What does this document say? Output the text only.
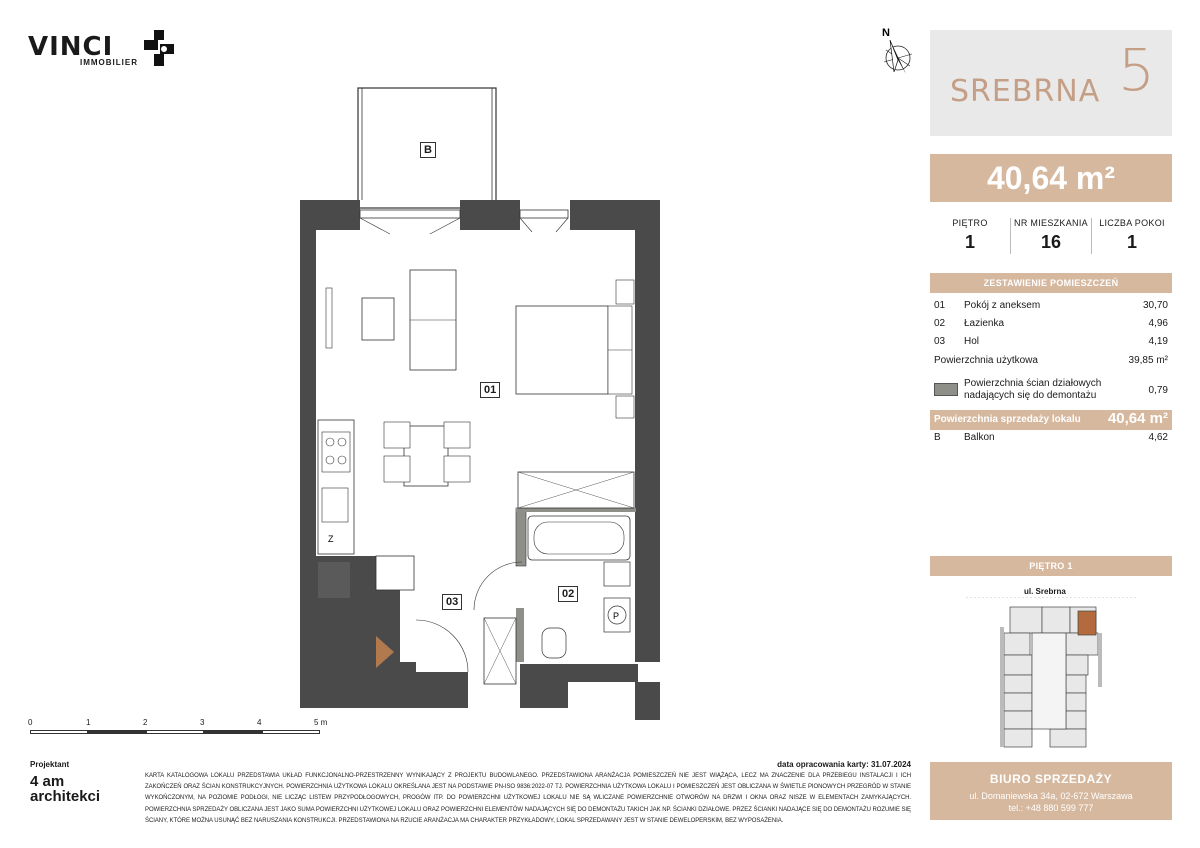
VINCI
IMMOBILIER
N
P
Z
B
01
02
03
0	1	2	3	4	5 m
Projektant
4 am architekci
data opracowania karty: 31.07.2024
KARTA KATALOGOWA LOKALU PRZEDSTAWIA UKŁAD FUNKCJONALNO-PRZESTRZENNY WYNIKAJĄCY Z PROJEKTU BUDOWLANEGO. PRZEDSTAWIONA ARANŻACJA POMIESZCZEŃ NIE JEST WIĄŻĄCA, LECZ MA ZNACZENIE DLA PRZEBIEGU INSTALACJI I ICH ZAKOŃCZEŃ ORAZ ŚCIAN KONSTRUKCYJNYCH. POWIERZCHNIA UŻYTKOWA LOKALU OKREŚLANA JEST NA PODSTAWIE PN-ISO 9836:2022-07 TJ. POWIERZCHNIA UŻYTKOWA LOKALU I POMIESZCZEŃ JEST OBLICZANA W ŚWIETLE PIONOWYCH PRZEGRÓD W STANIE WYKOŃCZONYM, NA POZIOMIE PODŁOGI, NIE LICZĄC LISTEW PRZYPODŁOGOWYCH, PROGÓW ITP. DO POWIERZCHNI UŻYTKOWEJ LOKALU NIE SĄ WLICZANE POWIERZCHNIE OTWORÓW NA DRZWI I OKNA ORAZ NISZE W ELEMENTACH ZAMYKAJĄCYCH. POWIERZCHNIA SPRZEDAŻY OBLICZANA JEST JAKO SUMA POWIERZCHNI UŻYTKOWEJ LOKALU ORAZ POWIERZCHNI ELEMENTÓW NADAJĄCYCH SIĘ DO DEMONTAŻU TAKICH JAK NP. ŚCIANKI DZIAŁOWE. PRZEZ ŚCIANKI NADAJĄCE SIĘ DO DEMONTAŻU ROZUMIE SIĘ ŚCIANY, KTÓRE MOŻNA USUNĄĆ BEZ NARUSZANIA KONSTRUKCJI. PRZEDSTAWIONA NA RZUCIE ARANŻACJA MA CHARAKTER PRZYKŁADOWY, LOKAL SPRZEDAWANY JEST W STANIE DEWELOPERSKIM, BEZ WYPOSAŻENIA.
SREBRNA 5
40,64 m²
PIĘTRO
1
NR MIESZKANIA
16
LICZBA POKOI
1
ZESTAWIENIE POMIESZCZEŃ
01 Pokój z aneksem	30,70
02 Łazienka	4,96
03 Hol	4,19
Powierzchnia użytkowa	39,85 m²
Powierzchnia ścian działowych nadających się do demontażu	0,79
Powierzchnia sprzedaży lokalu 40,64 m²
B Balkon	4,62
PIĘTRO 1
ul. Srebrna
BIURO SPRZEDAŻY
ul. Domaniewska 34a, 02-672 Warszawa
tel.: +48 880 599 777
